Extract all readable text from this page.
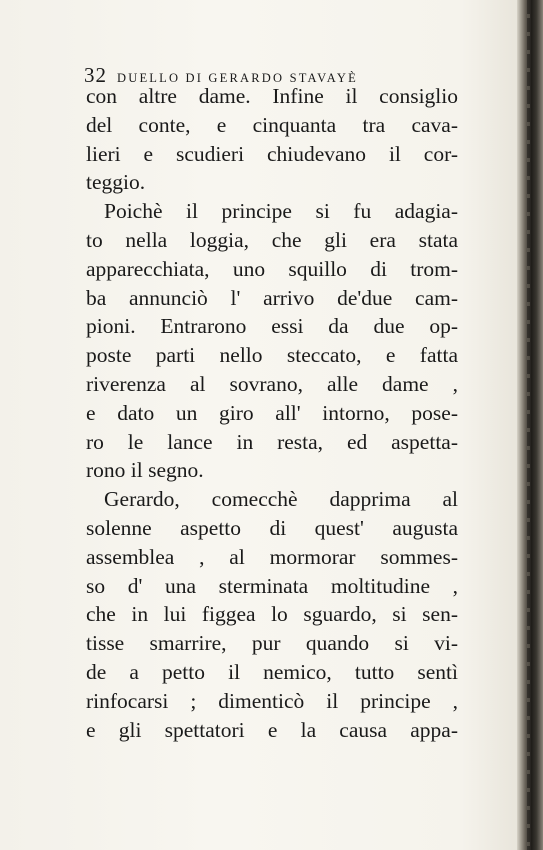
32 DUELLO DI GERARDO STAVAYÈ
con altre dame. Infine il consiglio
del conte, e cinquanta tra cava-
lieri e scudieri chiudevano il cor-
teggio.
Poichè il principe si fu adagia-
to nella loggia, che gli era stata
apparecchiata, uno squillo di trom-
ba annunciò l' arrivo de'due cam-
pioni. Entrarono essi da due op-
poste parti nello steccato, e fatta
riverenza al sovrano, alle dame ,
e dato un giro all' intorno, pose-
ro le lance in resta, ed aspetta-
rono il segno.
Gerardo, comecchè dapprima al
solenne aspetto di quest' augusta
assemblea , al mormorar sommes-
so d' una sterminata moltitudine ,
che in lui figgea lo sguardo, si sen-
tisse smarrire, pur quando si vi-
de a petto il nemico, tutto sentì
rinfocarsi ; dimenticò il principe ,
e gli spettatori e la causa appa-
